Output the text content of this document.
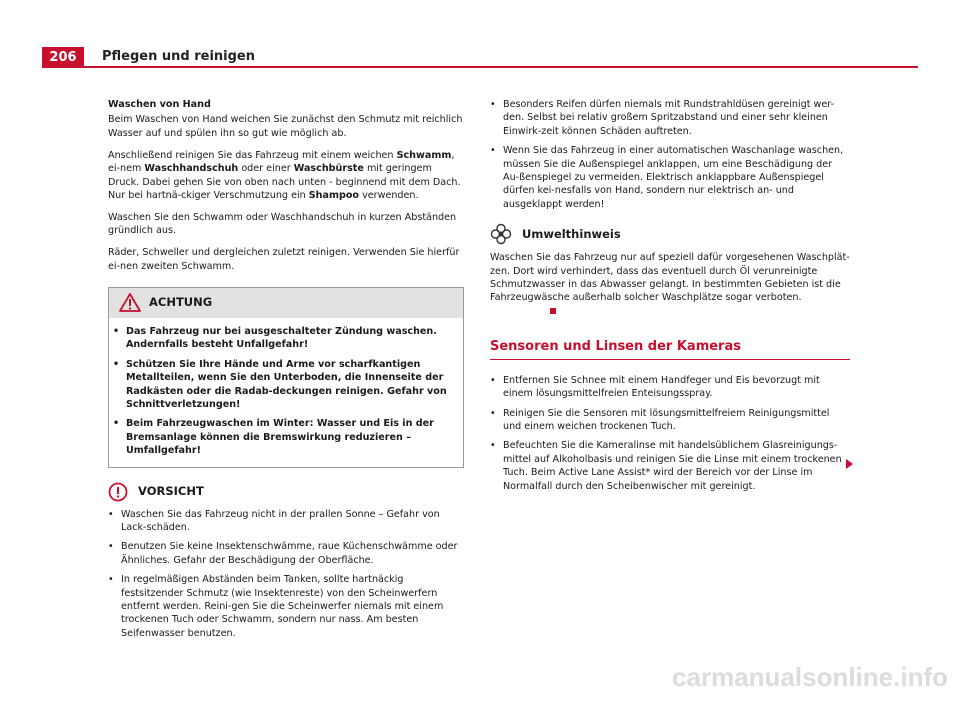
206	Pflegen und reinigen

Waschen von Hand

Beim Waschen von Hand weichen Sie zunächst den Schmutz mit reichlich Wasser auf und spülen ihn so gut wie möglich ab.

Anschließend reinigen Sie das Fahrzeug mit einem weichen Schwamm, ei-nem Waschhandschuh oder einer Waschbürste mit geringem Druck. Dabei gehen Sie von oben nach unten - beginnend mit dem Dach. Nur bei hartnä-ckiger Verschmutzung ein Shampoo verwenden.

Waschen Sie den Schwamm oder Waschhandschuh in kurzen Abständen gründlich aus.

Räder, Schweller und dergleichen zuletzt reinigen. Verwenden Sie hierfür ei-nen zweiten Schwamm.

ACHTUNG
• Das Fahrzeug nur bei ausgeschalteter Zündung waschen. Andernfalls besteht Unfallgefahr!
• Schützen Sie Ihre Hände und Arme vor scharfkantigen Metallteilen, wenn Sie den Unterboden, die Innenseite der Radkästen oder die Radab-deckungen reinigen. Gefahr von Schnittverletzungen!
• Beim Fahrzeugwaschen im Winter: Wasser und Eis in der Bremsanlage können die Bremswirkung reduzieren – Umfallgefahr!
VORSICHT
• Waschen Sie das Fahrzeug nicht in der prallen Sonne – Gefahr von Lack-schäden.
• Benutzen Sie keine Insektenschwämme, raue Küchenschwämme oder Ähnliches. Gefahr der Beschädigung der Oberfläche.
• In regelmäßigen Abständen beim Tanken, sollte hartnäckig festsitzender Schmutz (wie Insektenreste) von den Scheinwerfern entfernt werden. Reini-gen Sie die Scheinwerfer niemals mit einem trockenen Tuch oder Schwamm, sondern nur nass. Am besten Seifenwasser benutzen.
• Besonders Reifen dürfen niemals mit Rundstrahldüsen gereinigt wer-den. Selbst bei relativ großem Spritzabstand und einer sehr kleinen Einwirk-zeit können Schäden auftreten.
• Wenn Sie das Fahrzeug in einer automatischen Waschanlage waschen, müssen Sie die Außenspiegel anklappen, um eine Beschädigung der Au-ßenspiegel zu vermeiden. Elektrisch anklappbare Außenspiegel dürfen kei-nesfalls von Hand, sondern nur elektrisch an- und ausgeklappt werden!
Umwelthinweis

Waschen Sie das Fahrzeug nur auf speziell dafür vorgesehenen Waschplät-zen. Dort wird verhindert, dass das eventuell durch Öl verunreinigte Schmutzwasser in das Abwasser gelangt. In bestimmten Gebieten ist die Fahrzeugwäsche außerhalb solcher Waschplätze sogar verboten.

Sensoren und Linsen der Kameras
• Entfernen Sie Schnee mit einem Handfeger und Eis bevorzugt mit einem lösungsmittelfreien Enteisungsspray.
• Reinigen Sie die Sensoren mit lösungsmittelfreiem Reinigungsmittel und einem weichen trockenen Tuch.
• Befeuchten Sie die Kameralinse mit handelsüblichem Glasreinigungs-mittel auf Alkoholbasis und reinigen Sie die Linse mit einem trockenen Tuch. Beim Active Lane Assist* wird der Bereich vor der Linse im Normalfall durch den Scheibenwischer mit gereinigt.
carmanualsonline.info
